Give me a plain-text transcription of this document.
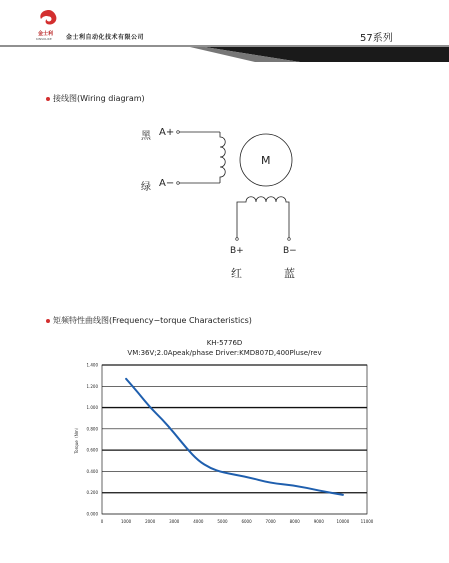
金士利
KINSOLIKE 金士利自动化技术有限公司	57系列
接线图(Wiring diagram)
黑 A+
绿 A−
M
B+	B−
红	蓝
矩频特性曲线图(Frequency−torque Characteristics)
KH-5776D
VM:36V;2.0Apeak/phase Driver:KMD807D,400Pluse/rev
0.000
0.200
0.400
0.600
0.800
1.000
1.200
1.400
0	1000	2000	3000	4000	5000	6000	7000	8000	9000	10000	11000
Torque（Nm）
